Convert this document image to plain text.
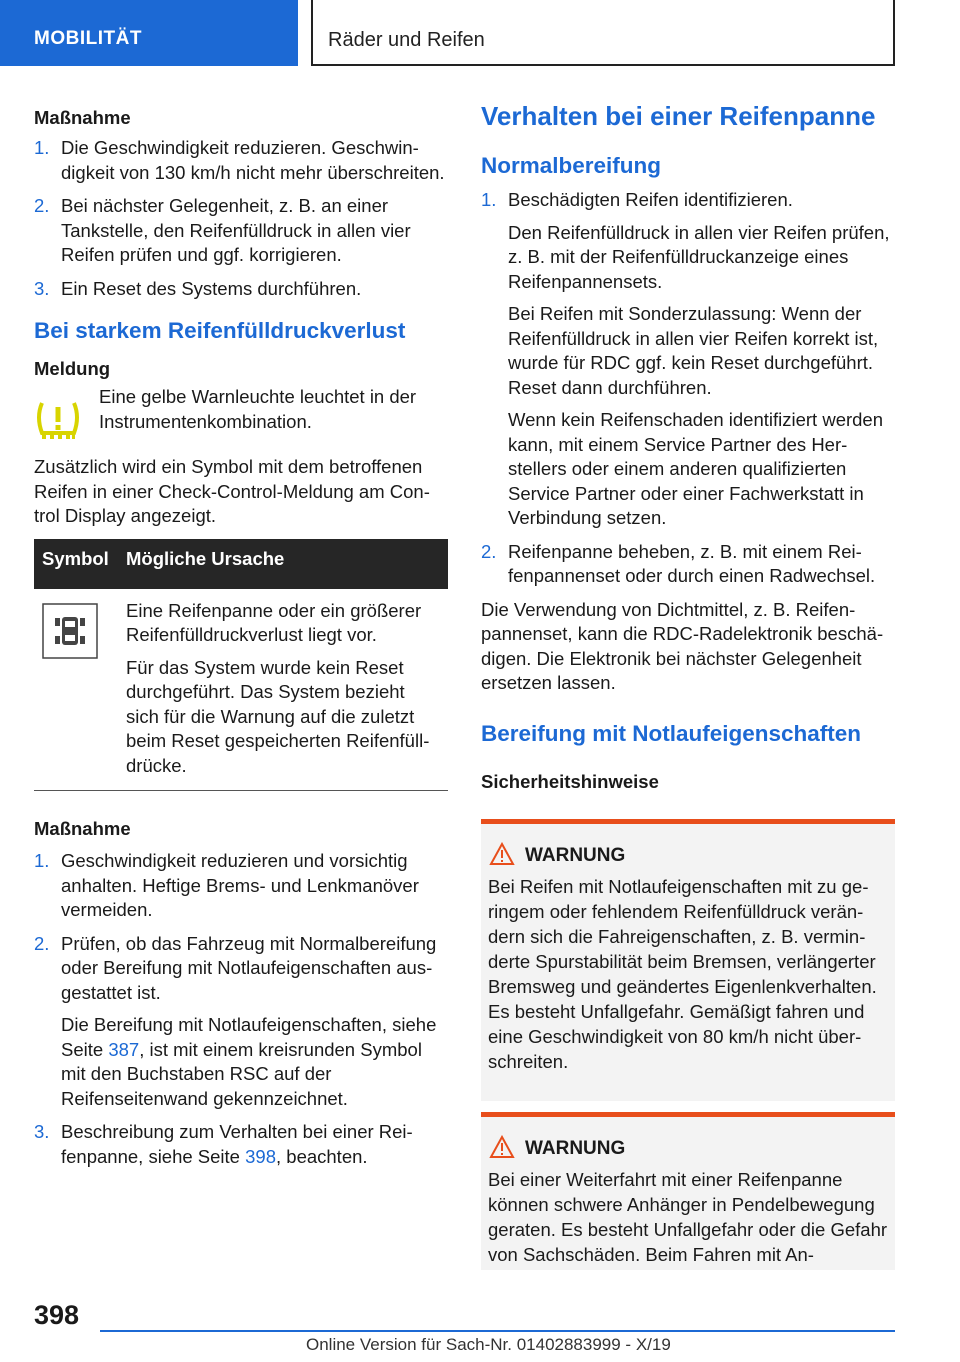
MOBILITÄT	Räder und Reifen
Maßnahme
1. Die Geschwindigkeit reduzieren. Geschwindigkeit von 130 km/h nicht mehr überschreiten.
2. Bei nächster Gelegenheit, z. B. an einer Tankstelle, den Reifenfülldruck in allen vier Reifen prüfen und ggf. korrigieren.
3. Ein Reset des Systems durchführen.
Bei starkem Reifenfülldruckverlust
Meldung
Eine gelbe Warnleuchte leuchtet in der Instrumentenkombination.
Zusätzlich wird ein Symbol mit dem betroffenen Reifen in einer Check-Control-Meldung am Control Display angezeigt.
Symbol	Mögliche Ursache

Eine Reifenpanne oder ein größerer Reifenfülldruckverlust liegt vor.
Für das System wurde kein Reset durchgeführt. Das System bezieht sich für die Warnung auf die zuletzt beim Reset gespeicherten Reifenfülldrücke.
Maßnahme
1. Geschwindigkeit reduzieren und vorsichtig anhalten. Heftige Brems- und Lenkmanöver vermeiden.
2. Prüfen, ob das Fahrzeug mit Normalbereifung oder Bereifung mit Notlaufeigenschaften ausgestattet ist.
Die Bereifung mit Notlaufeigenschaften, siehe Seite 387, ist mit einem kreisrunden Symbol mit den Buchstaben RSC auf der Reifenseitenwand gekennzeichnet.
3. Beschreibung zum Verhalten bei einer Reifenpanne, siehe Seite 398, beachten.
Verhalten bei einer Reifenpanne
Normalbereifung
1. Beschädigten Reifen identifizieren.
Den Reifenfülldruck in allen vier Reifen prüfen, z. B. mit der Reifenfülldruckanzeige eines Reifenpannensets.
Bei Reifen mit Sonderzulassung: Wenn der Reifenfülldruck in allen vier Reifen korrekt ist, wurde für RDC ggf. kein Reset durchgeführt. Reset dann durchführen.
Wenn kein Reifenschaden identifiziert werden kann, mit einem Service Partner des Herstellers oder einem anderen qualifizierten Service Partner oder einer Fachwerkstatt in Verbindung setzen.
2. Reifenpanne beheben, z. B. mit einem Reifenpannenset oder durch einen Radwechsel.
Die Verwendung von Dichtmittel, z. B. Reifenpannenset, kann die RDC-Radelektronik beschädigen. Die Elektronik bei nächster Gelegenheit ersetzen lassen.
Bereifung mit Notlaufeigenschaften
Sicherheitshinweise
WARNUNG
Bei Reifen mit Notlaufeigenschaften mit zu geringem oder fehlendem Reifenfülldruck verändern sich die Fahreigenschaften, z. B. verminderte Spurstabilität beim Bremsen, verlängerter Bremsweg und geändertes Eigenlenkverhalten. Es besteht Unfallgefahr. Gemäßigt fahren und eine Geschwindigkeit von 80 km/h nicht überschreiten.
WARNUNG
Bei einer Weiterfahrt mit einer Reifenpanne können schwere Anhänger in Pendelbewegung geraten. Es besteht Unfallgefahr oder die Gefahr von Sachschäden. Beim Fahren mit An-
398
Online Version für Sach-Nr. 01402883999 - X/19
